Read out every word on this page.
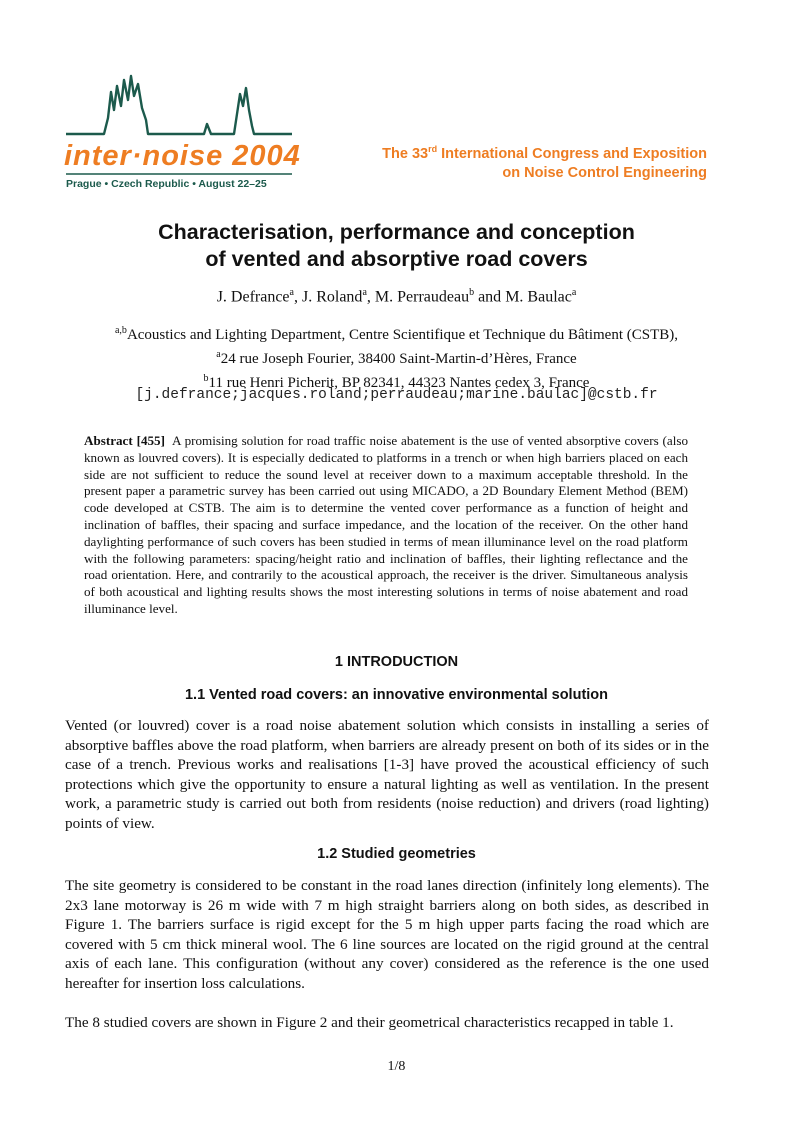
inter·noise 2004
Prague • Czech Republic • August 22–25
The 33rd International Congress and Exposition
on Noise Control Engineering
Characterisation, performance and conception
of vented and absorptive road covers
J. Defrance$^a$, J. Roland$^a$, M. Perraudeau$^b$ and M. Baulac$^a$
$^{a,b}$Acoustics and Lighting Department, Centre Scientifique et Technique du Bâtiment (CSTB),
$^a$24 rue Joseph Fourier, 38400 Saint-Martin-d’Hères, France
$^b$11 rue Henri Picherit, BP 82341, 44323 Nantes cedex 3, France
[j.defrance;jacques.roland;perraudeau;marine.baulac]@cstb.fr
Abstract [455] A promising solution for road traffic noise abatement is the use of vented absorptive covers (also known as louvred covers). It is especially dedicated to platforms in a trench or when high barriers placed on each side are not sufficient to reduce the sound level at receiver down to a maximum acceptable threshold. In the present paper a parametric survey has been carried out using MICADO, a 2D Boundary Element Method (BEM) code developed at CSTB. The aim is to determine the vented cover performance as a function of height and inclination of baffles, their spacing and surface impedance, and the location of the receiver. On the other hand daylighting performance of such covers has been studied in terms of mean illuminance level on the road platform with the following parameters: spacing/height ratio and inclination of baffles, their lighting reflectance and the road orientation. Here, and contrarily to the acoustical approach, the receiver is the driver. Simultaneous analysis of both acoustical and lighting results shows the most interesting solutions in terms of noise abatement and road illuminance level.
1 INTRODUCTION
1.1 Vented road covers: an innovative environmental solution
Vented (or louvred) cover is a road noise abatement solution which consists in installing a series of absorptive baffles above the road platform, when barriers are already present on both of its sides or in the case of a trench. Previous works and realisations [1-3] have proved the acoustical efficiency of such protections which give the opportunity to ensure a natural lighting as well as ventilation. In the present work, a parametric study is carried out both from residents (noise reduction) and drivers (road lighting) points of view.
1.2 Studied geometries
The site geometry is considered to be constant in the road lanes direction (infinitely long elements). The 2x3 lane motorway is 26 m wide with 7 m high straight barriers along on both sides, as described in Figure 1. The barriers surface is rigid except for the 5 m high upper parts facing the road which are covered with 5 cm thick mineral wool. The 6 line sources are located on the rigid ground at the central axis of each lane. This configuration (without any cover) considered as the reference is the one used hereafter for insertion loss calculations.
The 8 studied covers are shown in Figure 2 and their geometrical characteristics recapped in table 1.
1/8
